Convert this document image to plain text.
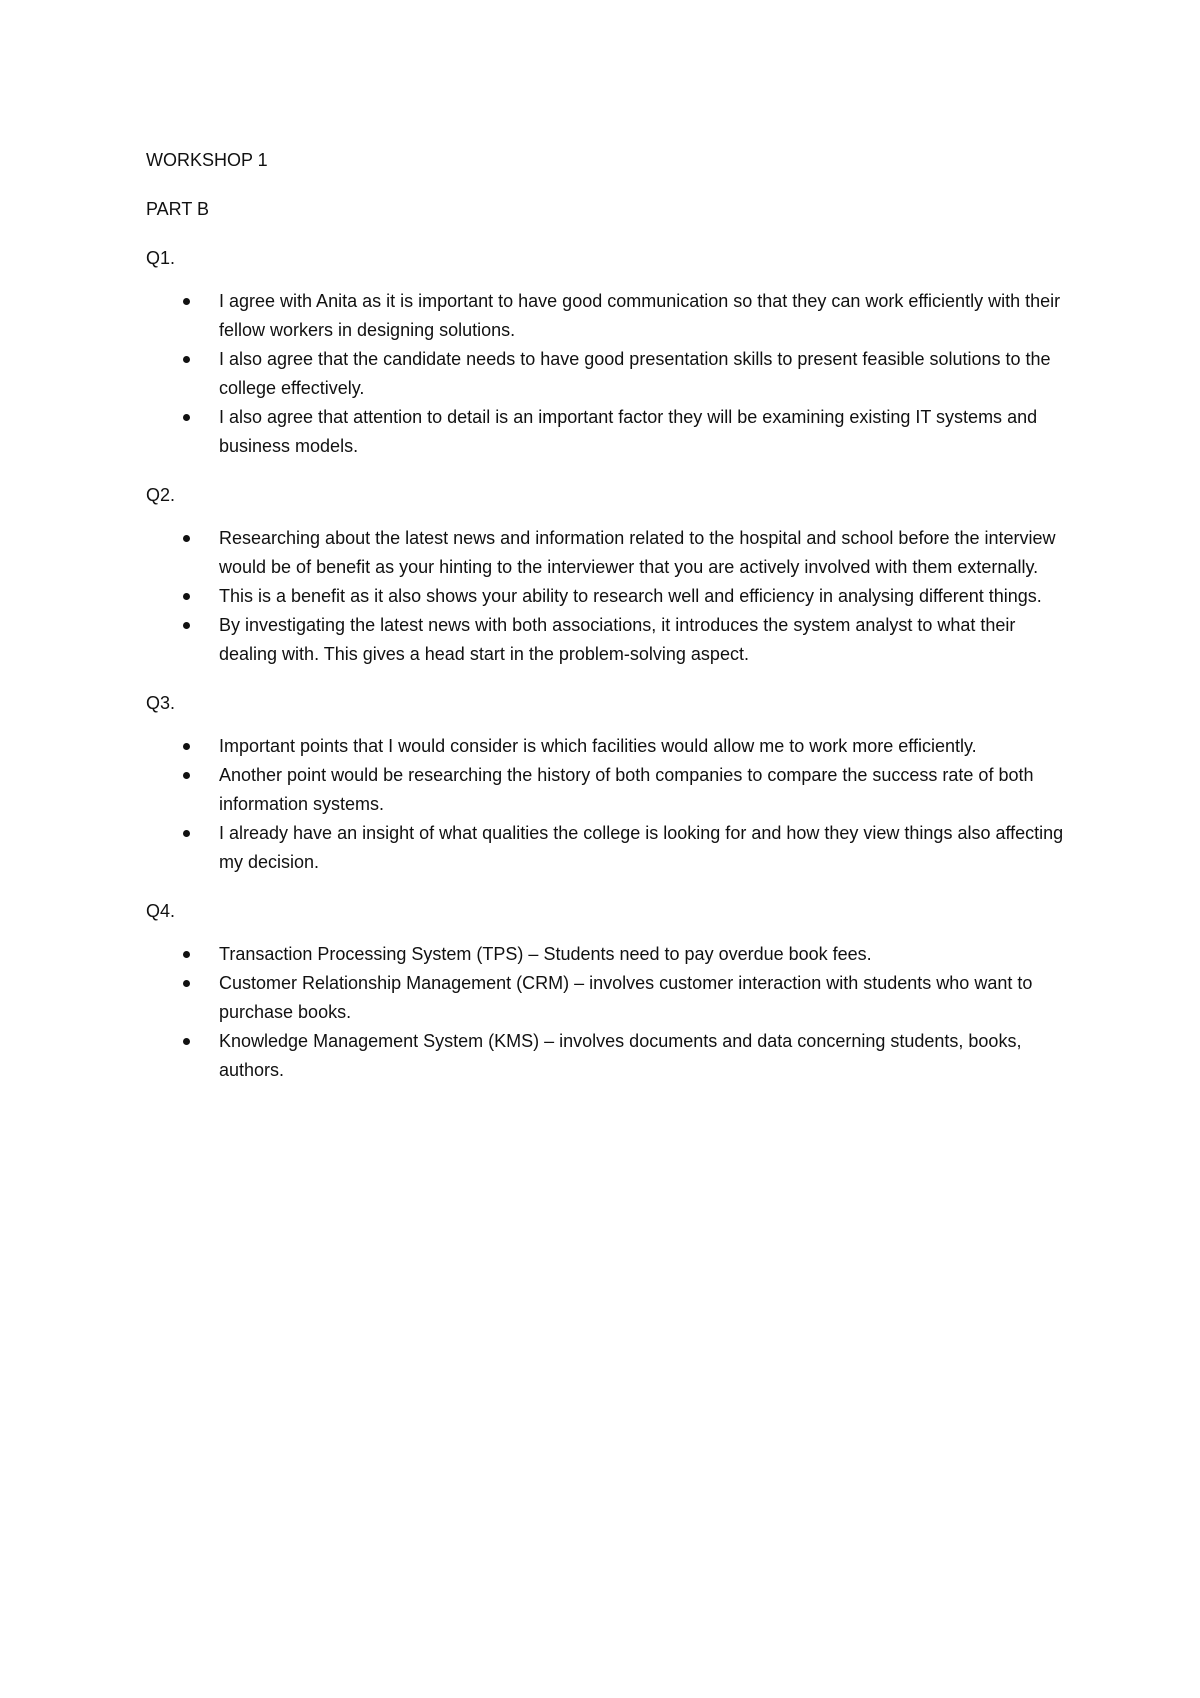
WORKSHOP 1

PART B

Q1.

I agree with Anita as it is important to have good communication so that they can work efficiently with their fellow workers in designing solutions.
I also agree that the candidate needs to have good presentation skills to present feasible solutions to the college effectively.
I also agree that attention to detail is an important factor they will be examining existing IT systems and business models.

Q2.

Researching about the latest news and information related to the hospital and school before the interview would be of benefit as your hinting to the interviewer that you are actively involved with them externally.
This is a benefit as it also shows your ability to research well and efficiency in analysing different things.
By investigating the latest news with both associations, it introduces the system analyst to what their dealing with. This gives a head start in the problem-solving aspect.

Q3.

Important points that I would consider is which facilities would allow me to work more efficiently.
Another point would be researching the history of both companies to compare the success rate of both information systems.
I already have an insight of what qualities the college is looking for and how they view things also affecting my decision.

Q4.

Transaction Processing System (TPS) – Students need to pay overdue book fees.
Customer Relationship Management (CRM) – involves customer interaction with students who want to purchase books.
Knowledge Management System (KMS) – involves documents and data concerning students, books, authors.
